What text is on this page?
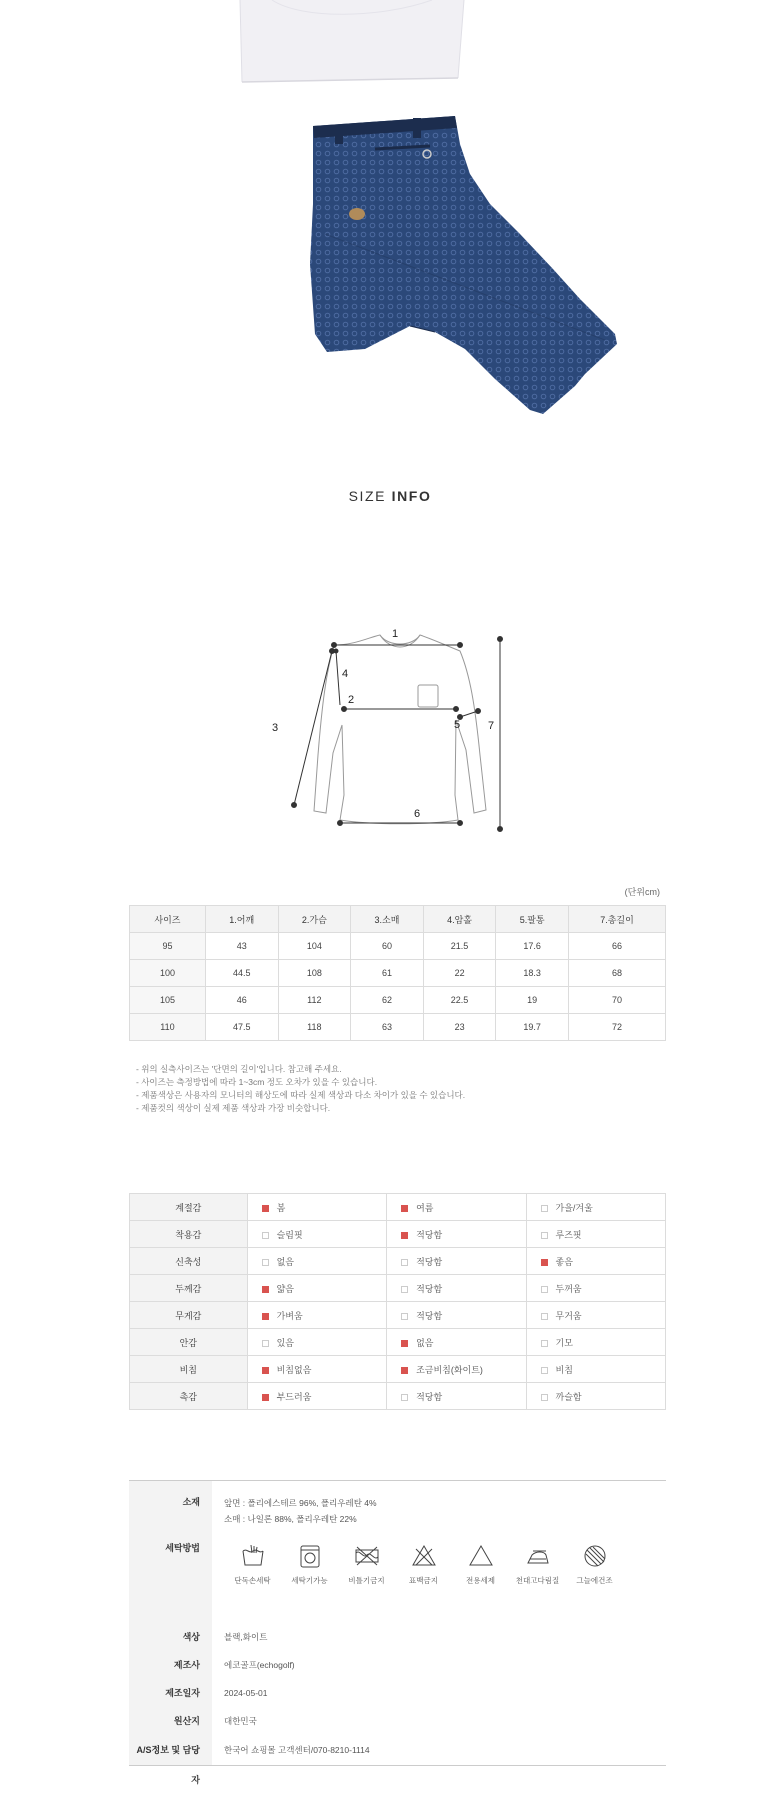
SIZE INFO
1
2
3
4
5
6
7
(단위cm)
사이즈	1.어깨	2.가슴	3.소매	4.암홀	5.팔통	7.총길이
95	43	104	60	21.5	17.6	66
100	44.5	108	61	22	18.3	68
105	46	112	62	22.5	19	70
110	47.5	118	63	23	19.7	72
- 위의 실측사이즈는 '단면의 길이'입니다. 참고해 주세요.
- 사이즈는 측정방법에 따라 1~3cm 정도 오차가 있을 수 있습니다.
- 제품색상은 사용자의 모니터의 해상도에 따라 실제 색상과 다소 차이가 있을 수 있습니다.
- 제품컷의 색상이 실제 제품 색상과 가장 비슷합니다.
계절감	봄	여름	가을/겨울
착용감	슬림핏	적당함	루즈핏
신축성	없음	적당함	좋음
두께감	얇음	적당함	두꺼움
무게감	가벼움	적당함	무거움
안감	있음	없음	기모
비침	비침없음	조금비침(화이트)	비침
촉감	부드러움	적당함	까슬함
소재	앞면 : 폴리에스테르 96%, 폴리우레탄 4%
소매 : 나일론 88%, 폴리우레탄 22%
세탁방법
단독손세탁	세탁기가능	비틀기금지	표백금지	전용세제	천대고다림질	그늘에건조
색상	블랙,화이트
제조사	에코골프(echogolf)
제조일자	2024-05-01
원산지	대한민국
A/S정보 및 담당자
한국어 쇼핑몰 고객센터/070-8210-1114
